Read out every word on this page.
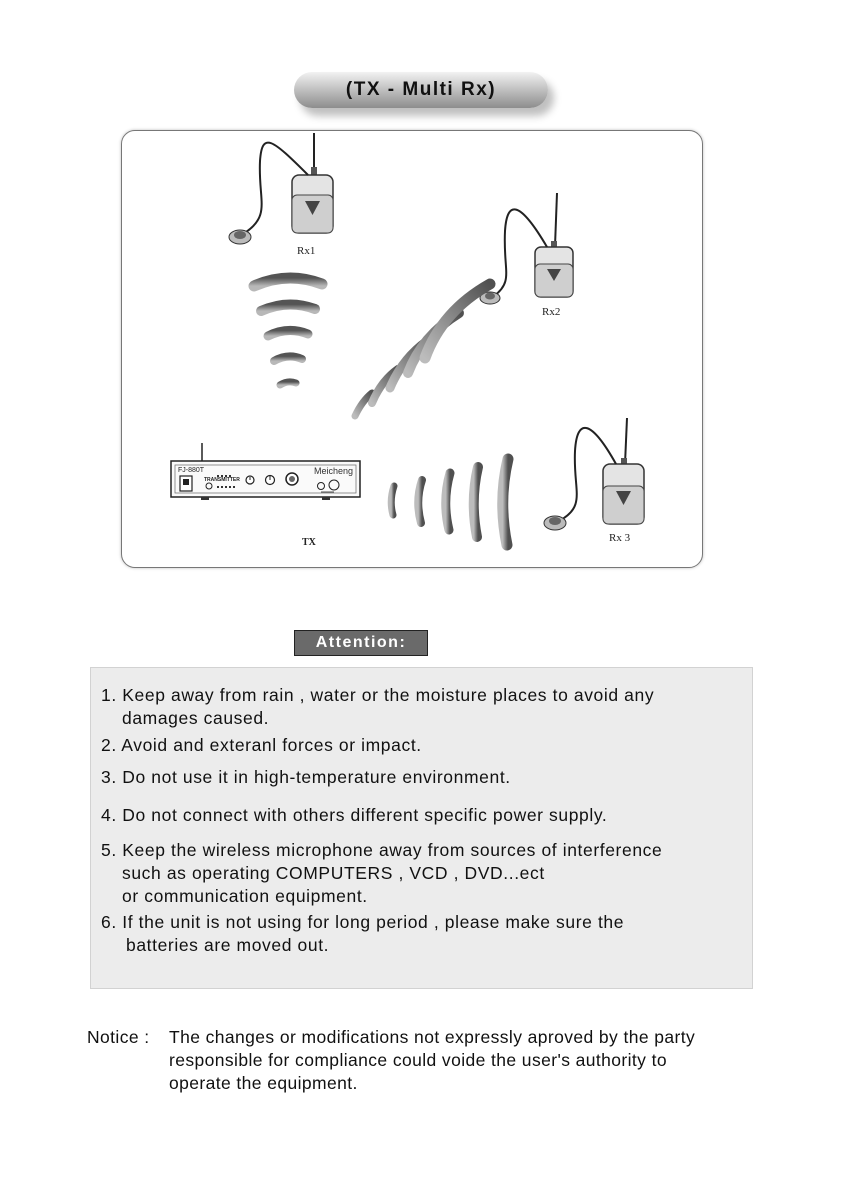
(TX - Multi Rx)
Rx1
Rx2
Rx 3
FJ-880T
TRANSMITTER
Meicheng
TX
Attention:
1. Keep away from rain , water or the moisture places to avoid any
damages caused.
2. Avoid and exteranl forces or impact.
3. Do not use it in high-temperature environment.
4. Do not connect with others different specific power supply.
5. Keep the wireless microphone away from sources of interference
such as operating COMPUTERS , VCD , DVD...ect
or communication equipment.
6. If the unit is not using for long period , please make sure the
batteries are moved out.
Notice :	The changes or modifications not expressly aproved by the party
responsible for compliance could voide the user's authority to
operate the equipment.
